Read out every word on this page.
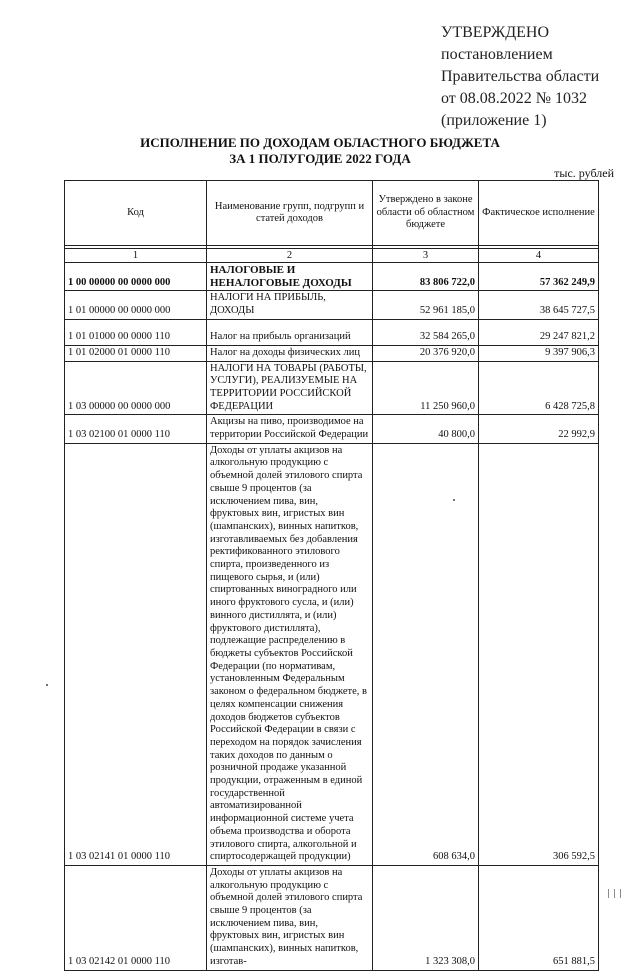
УТВЕРЖДЕНО
постановлением
Правительства области
от 08.08.2022 № 1032
(приложение 1)
ИСПОЛНЕНИЕ ПО ДОХОДАМ ОБЛАСТНОГО БЮДЖЕТА
ЗА 1 ПОЛУГОДИЕ 2022 ГОДА
тыс. рублей
Код	Наименование групп, подгрупп и статей доходов	Утверждено в законе области об областном бюджете	Фактическое исполнение

1	2	3	4
1 00 00000 00 0000 000	НАЛОГОВЫЕ И НЕНАЛОГОВЫЕ ДОХОДЫ	83 806 722,0	57 362 249,9
1 01 00000 00 0000 000	НАЛОГИ НА ПРИБЫЛЬ, ДОХОДЫ	52 961 185,0	38 645 727,5
1 01 01000 00 0000 110	Налог на прибыль организаций	32 584 265,0	29 247 821,2
1 01 02000 01 0000 110	Налог на доходы физических лиц	20 376 920,0	9 397 906,3
1 03 00000 00 0000 000	НАЛОГИ НА ТОВАРЫ (РАБОТЫ, УСЛУГИ), РЕАЛИЗУЕМЫЕ НА ТЕРРИТОРИИ РОССИЙСКОЙ ФЕДЕРАЦИИ	11 250 960,0	6 428 725,8
1 03 02100 01 0000 110	Акцизы на пиво, производимое на территории Российской Федерации	40 800,0	22 992,9
1 03 02141 01 0000 110	Доходы от уплаты акцизов на алкогольную продукцию с объемной долей этилового спирта свыше 9 процентов (за исключением пива, вин, фруктовых вин, игристых вин (шампанских), винных напитков, изготавливаемых без добавления ректификованного этилового спирта, произведенного из пищевого сырья, и (или) спиртованных виноградного или иного фруктового сусла, и (или) винного дистиллята, и (или) фруктового дистиллята), подлежащие распределению в бюджеты субъектов Российской Федерации (по нормативам, установленным Федеральным законом о федеральном бюджете, в целях компенсации снижения доходов бюджетов субъектов Российской Федерации в связи с переходом на порядок зачисления таких доходов по данным о розничной продаже указанной продукции, отраженным в единой государственной автоматизированной информационной системе учета объема производства и оборота этилового спирта, алкогольной и спиртосодержащей продукции)	608 634,0	306 592,5
1 03 02142 01 0000 110	Доходы от уплаты акцизов на алкогольную продукцию с объемной долей этилового спирта свыше 9 процентов (за исключением пива, вин, фруктовых вин, игристых вин (шампанских), винных напитков, изготав-	1 323 308,0	651 881,5
| | |
